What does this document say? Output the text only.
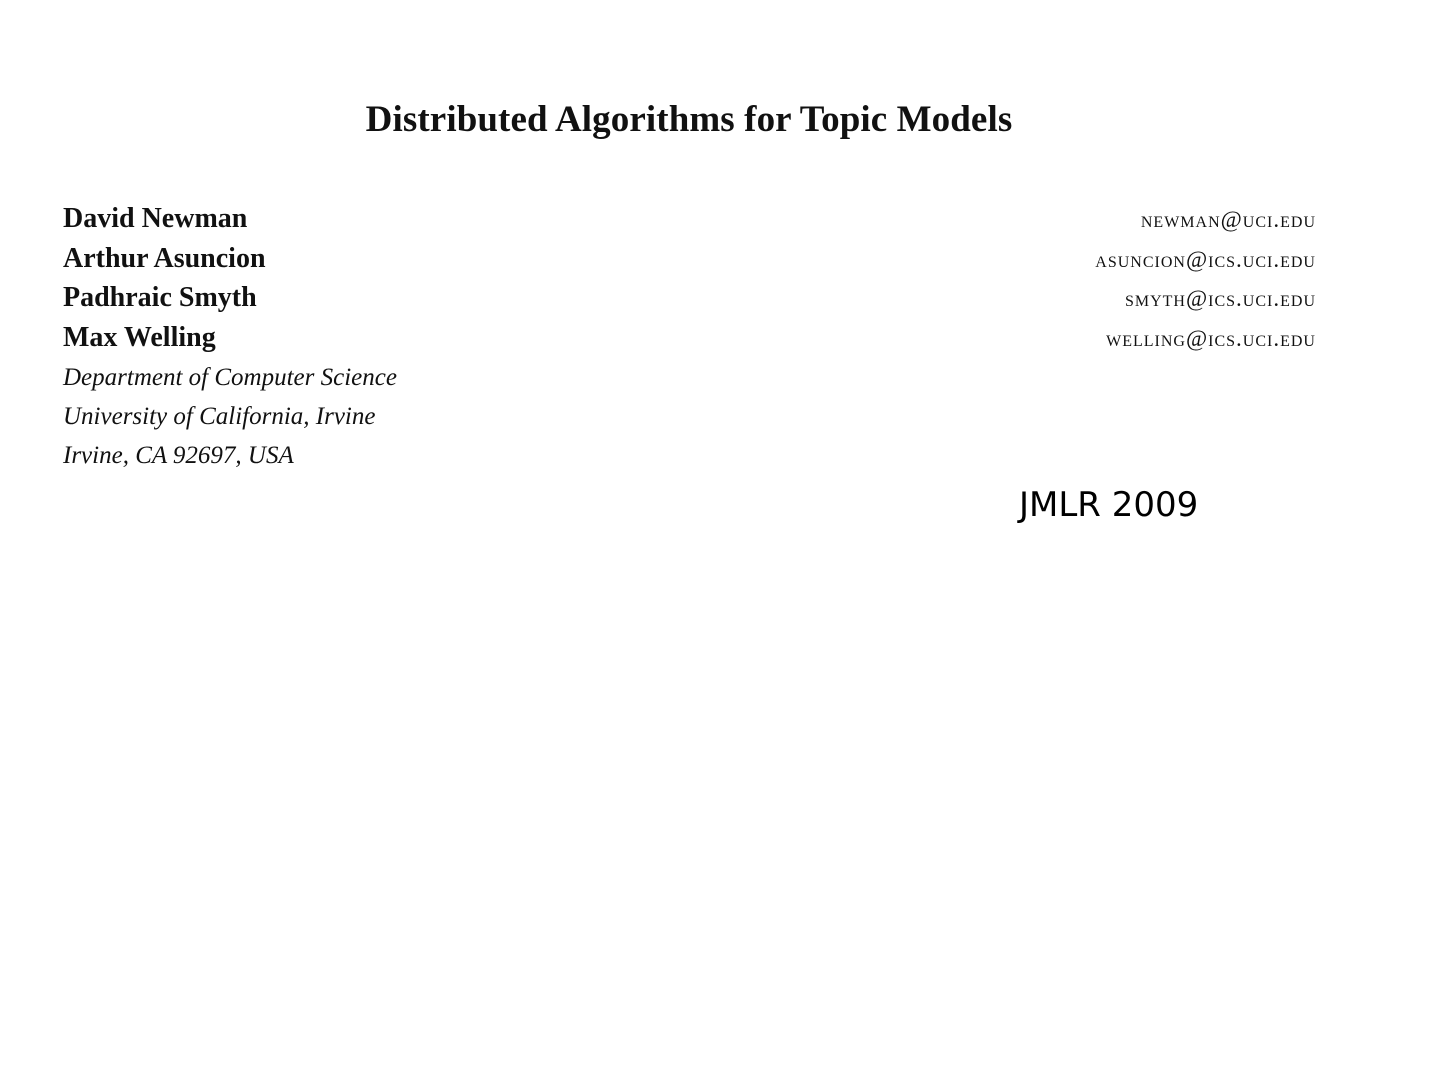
Distributed Algorithms for Topic Models
David Newman
Arthur Asuncion
Padhraic Smyth
Max Welling
Department of Computer Science
University of California, Irvine
Irvine, CA 92697, USA
newman@uci.edu
asuncion@ics.uci.edu
smyth@ics.uci.edu
welling@ics.uci.edu
JMLR 2009
